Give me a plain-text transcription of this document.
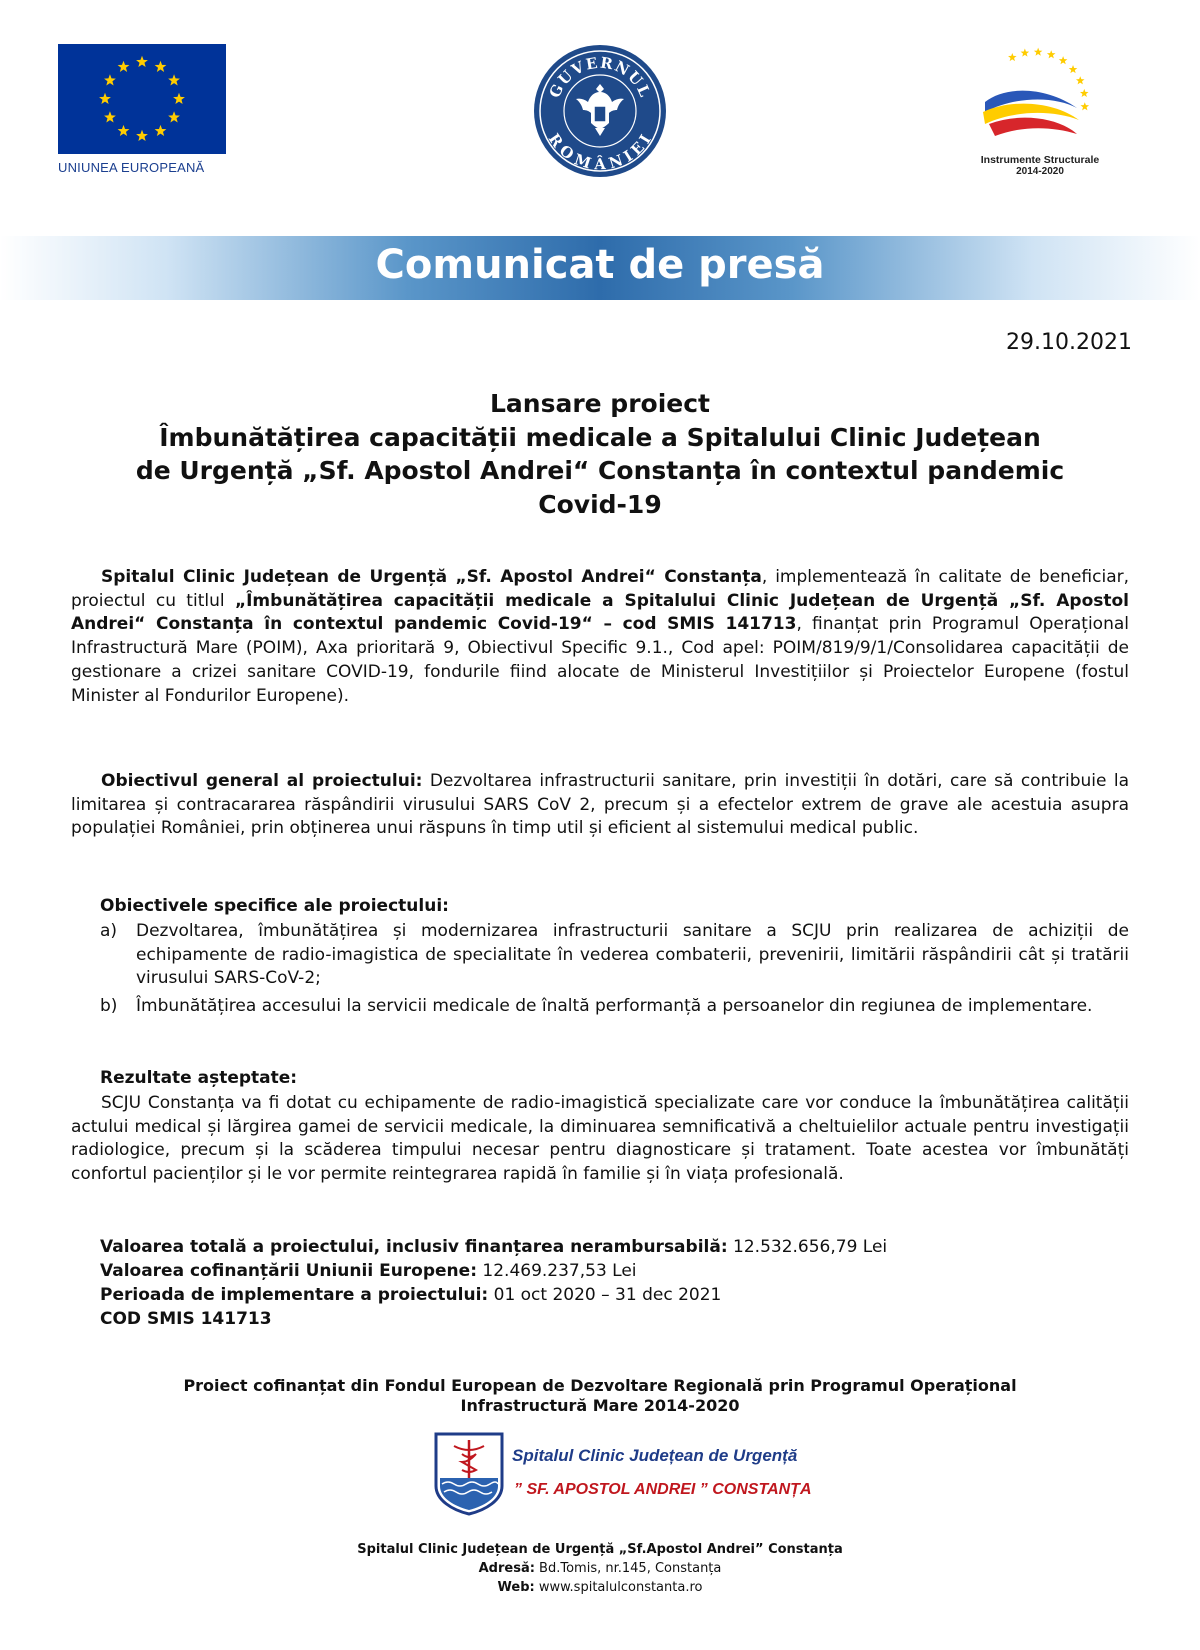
UNIUNEA EUROPEANĂ
GUVERNUL
ROMÂNIEI
Instrumente Structurale
2014-2020
Comunicat de presă
29.10.2021
Lansare proiect
Îmbunătățirea capacității medicale a Spitalului Clinic Județean
de Urgență „Sf. Apostol Andrei“ Constanța în contextul pandemic
Covid-19
Spitalul Clinic Județean de Urgență „Sf. Apostol Andrei“ Constanța, implementează în calitate de beneficiar, proiectul cu titlul „Îmbunătățirea capacității medicale a Spitalului Clinic Județean de Urgență „Sf. Apostol Andrei“ Constanța în contextul pandemic Covid-19“ – cod SMIS 141713, finanțat prin Programul Operațional Infrastructură Mare (POIM), Axa prioritară 9, Obiectivul Specific 9.1., Cod apel: POIM/819/9/1/Consolidarea capacității de gestionare a crizei sanitare COVID-19, fondurile fiind alocate de Ministerul Investițiilor și Proiectelor Europene (fostul Minister al Fondurilor Europene).
Obiectivul general al proiectului: Dezvoltarea infrastructurii sanitare, prin investiții în dotări, care să contribuie la limitarea și contracararea răspândirii virusului SARS CoV 2, precum și a efectelor extrem de grave ale acestuia asupra populației României, prin obținerea unui răspuns în timp util și eficient al sistemului medical public.
Obiectivele specifice ale proiectului:
a) Dezvoltarea, îmbunătățirea și modernizarea infrastructurii sanitare a SCJU prin realizarea de achiziții de echipamente de radio-imagistica de specialitate în vederea combaterii, prevenirii, limitării răspândirii cât și tratării virusului SARS-CoV-2;
b) Îmbunătățirea accesului la servicii medicale de înaltă performanță a persoanelor din regiunea de implementare.
Rezultate așteptate:
SCJU Constanța va fi dotat cu echipamente de radio-imagistică specializate care vor conduce la îmbunătățirea calității actului medical și lărgirea gamei de servicii medicale, la diminuarea semnificativă a cheltuielilor actuale pentru investigații radiologice, precum și la scăderea timpului necesar pentru diagnosticare și tratament. Toate acestea vor îmbunătăți confortul pacienților și le vor permite reintegrarea rapidă în familie și în viața profesională.
Valoarea totală a proiectului, inclusiv finanțarea nerambursabilă: 12.532.656,79 Lei
Valoarea cofinanțării Uniunii Europene: 12.469.237,53 Lei
Perioada de implementare a proiectului: 01 oct 2020 – 31 dec 2021
COD SMIS 141713
Proiect cofinanțat din Fondul European de Dezvoltare Regională prin Programul Operațional
Infrastructură Mare 2014-2020
Spitalul Clinic Județean de Urgență
” SF. APOSTOL ANDREI ” CONSTANȚA
Spitalul Clinic Județean de Urgență „Sf.Apostol Andrei” Constanța
Adresă: Bd.Tomis, nr.145, Constanța
Web: www.spitalulconstanta.ro
